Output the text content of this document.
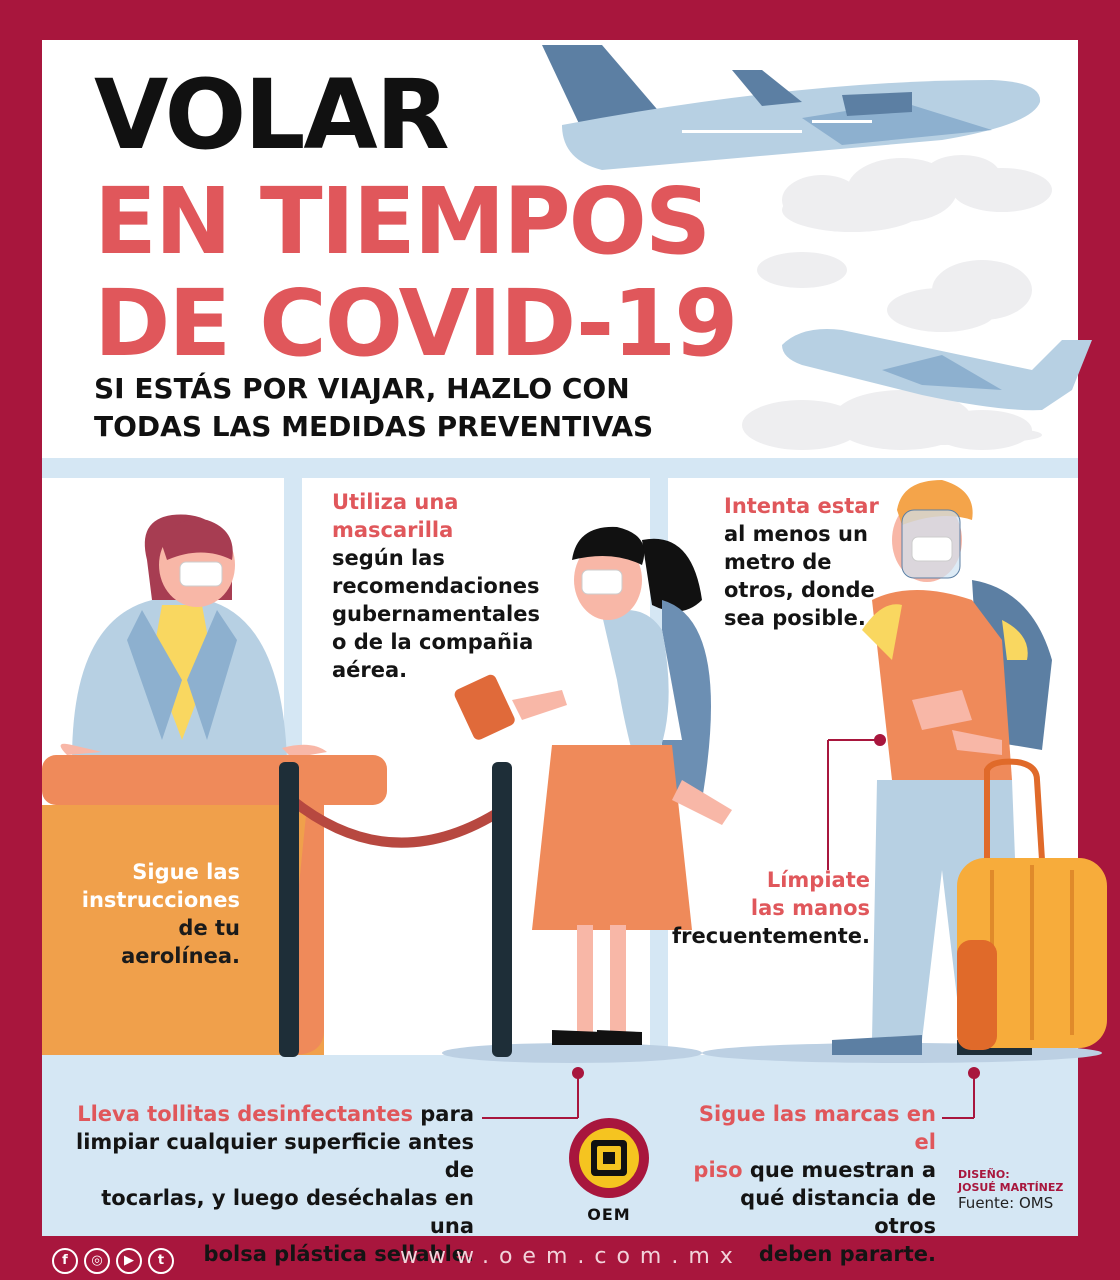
VOLAR
EN TIEMPOS
DE COVID-19
SI ESTÁS POR VIAJAR, HAZLO CON
TODAS LAS MEDIDAS PREVENTIVAS
Utiliza una
mascarilla
según las
recomendaciones
gubernamentales
o de la compañia
aérea.
Intenta estar
al menos un
metro de
otros, donde
sea posible.
Sigue las
instrucciones
de tu
aerolínea.
Límpiate
las manos
frecuentemente.
Lleva tollitas desinfectantes para
limpiar cualquier superficie antes de
tocarlas, y luego deséchalas en una
bolsa plástica sellable.
Sigue las marcas en el
piso que muestran a
qué distancia de otros
deben pararte.
OEM
DISEÑO:
JOSUÉ MARTÍNEZ
Fuente: OMS
f	◎	▶	t	www.oem.com.mx
